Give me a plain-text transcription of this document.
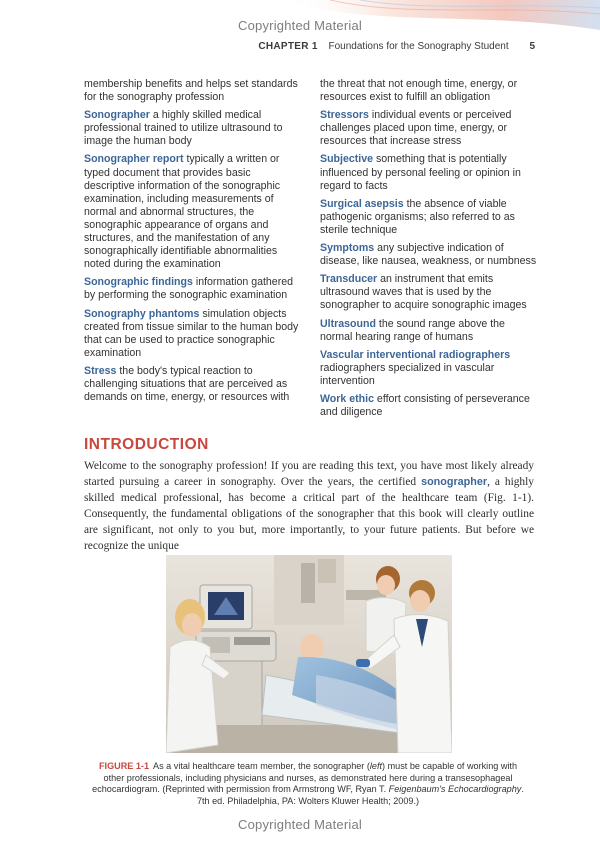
Copyrighted Material
CHAPTER 1 Foundations for the Sonography Student 5
membership benefits and helps set standards for the sonography profession
Sonographer a highly skilled medical professional trained to utilize ultrasound to image the human body
Sonographer report typically a written or typed document that provides basic descriptive information of the sonographic examination, including measurements of normal and abnormal structures, the sonographic appearance of organs and structures, and the manifestation of any sonographically identifiable abnormalities noted during the examination
Sonographic findings information gathered by performing the sonographic examination
Sonography phantoms simulation objects created from tissue similar to the human body that can be used to practice sonographic examination
Stress the body's typical reaction to challenging situations that are perceived as demands on time, energy, or resources with
the threat that not enough time, energy, or resources exist to fulfill an obligation
Stressors individual events or perceived challenges placed upon time, energy, or resources that increase stress
Subjective something that is potentially influenced by personal feeling or opinion in regard to facts
Surgical asepsis the absence of viable pathogenic organisms; also referred to as sterile technique
Symptoms any subjective indication of disease, like nausea, weakness, or numbness
Transducer an instrument that emits ultrasound waves that is used by the sonographer to acquire sonographic images
Ultrasound the sound range above the normal hearing range of humans
Vascular interventional radiographers radiographers specialized in vascular intervention
Work ethic effort consisting of perseverance and diligence
INTRODUCTION
Welcome to the sonography profession! If you are reading this text, you have most likely already started pursuing a career in sonography. Over the years, the certified sonographer, a highly skilled medical professional, has become a critical part of the healthcare team (Fig. 1-1). Consequently, the fundamental obligations of the sonographer that this book will clearly outline are significant, not only to you but, more importantly, to your future patients. But before we recognize the unique
FIGURE 1-1 As a vital healthcare team member, the sonographer (left) must be capable of working with other professionals, including physicians and nurses, as demonstrated here during a transesophageal echocardiogram. (Reprinted with permission from Armstrong WF, Ryan T. Feigenbaum's Echocardiography. 7th ed. Philadelphia, PA: Wolters Kluwer Health; 2009.)
Copyrighted Material
